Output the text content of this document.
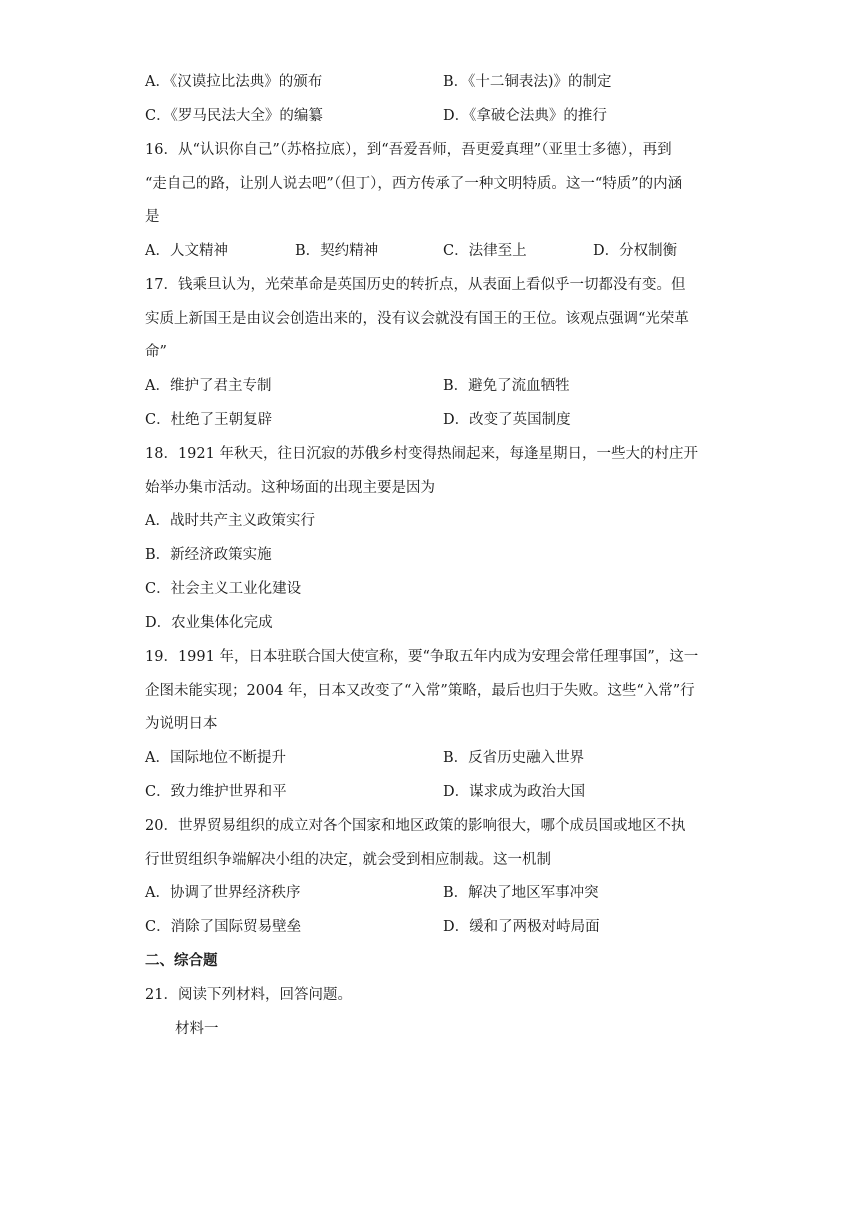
A．《汉谟拉比法典》的颁布	B．《十二铜表法)》的制定
C．《罗马民法大全》的编纂	D．《拿破仑法典》的推行
16．从“认识你自己”（苏格拉底），到“吾爱吾师，吾更爱真理”（亚里士多德），再到
“走自己的路，让别人说去吧”（但丁），西方传承了一种文明特质。这一“特质”的内涵
是
A．人文精神	B．契约精神	C．法律至上	D．分权制衡
17．钱乘旦认为，光荣革命是英国历史的转折点，从表面上看似乎一切都没有变。但
实质上新国王是由议会创造出来的，没有议会就没有国王的王位。该观点强调“光荣革
命”
A．维护了君主专制	B．避免了流血牺牲
C．杜绝了王朝复辟	D．改变了英国制度
18．1921 年秋天，往日沉寂的苏俄乡村变得热闹起来，每逢星期日，一些大的村庄开
始举办集市活动。这种场面的出现主要是因为
A．战时共产主义政策实行
B．新经济政策实施
C．社会主义工业化建设
D．农业集体化完成
19．1991 年，日本驻联合国大使宣称，要“争取五年内成为安理会常任理事国”，这一
企图未能实现；2004 年，日本又改变了“入常”策略，最后也归于失败。这些“入常”行
为说明日本
A．国际地位不断提升	B．反省历史融入世界
C．致力维护世界和平	D．谋求成为政治大国
20．世界贸易组织的成立对各个国家和地区政策的影响很大，哪个成员国或地区不执
行世贸组织争端解决小组的决定，就会受到相应制裁。这一机制
A．协调了世界经济秩序	B．解决了地区军事冲突
C．消除了国际贸易壁垒	D．缓和了两极对峙局面
二、综合题
21．阅读下列材料，回答问题。
材料一
